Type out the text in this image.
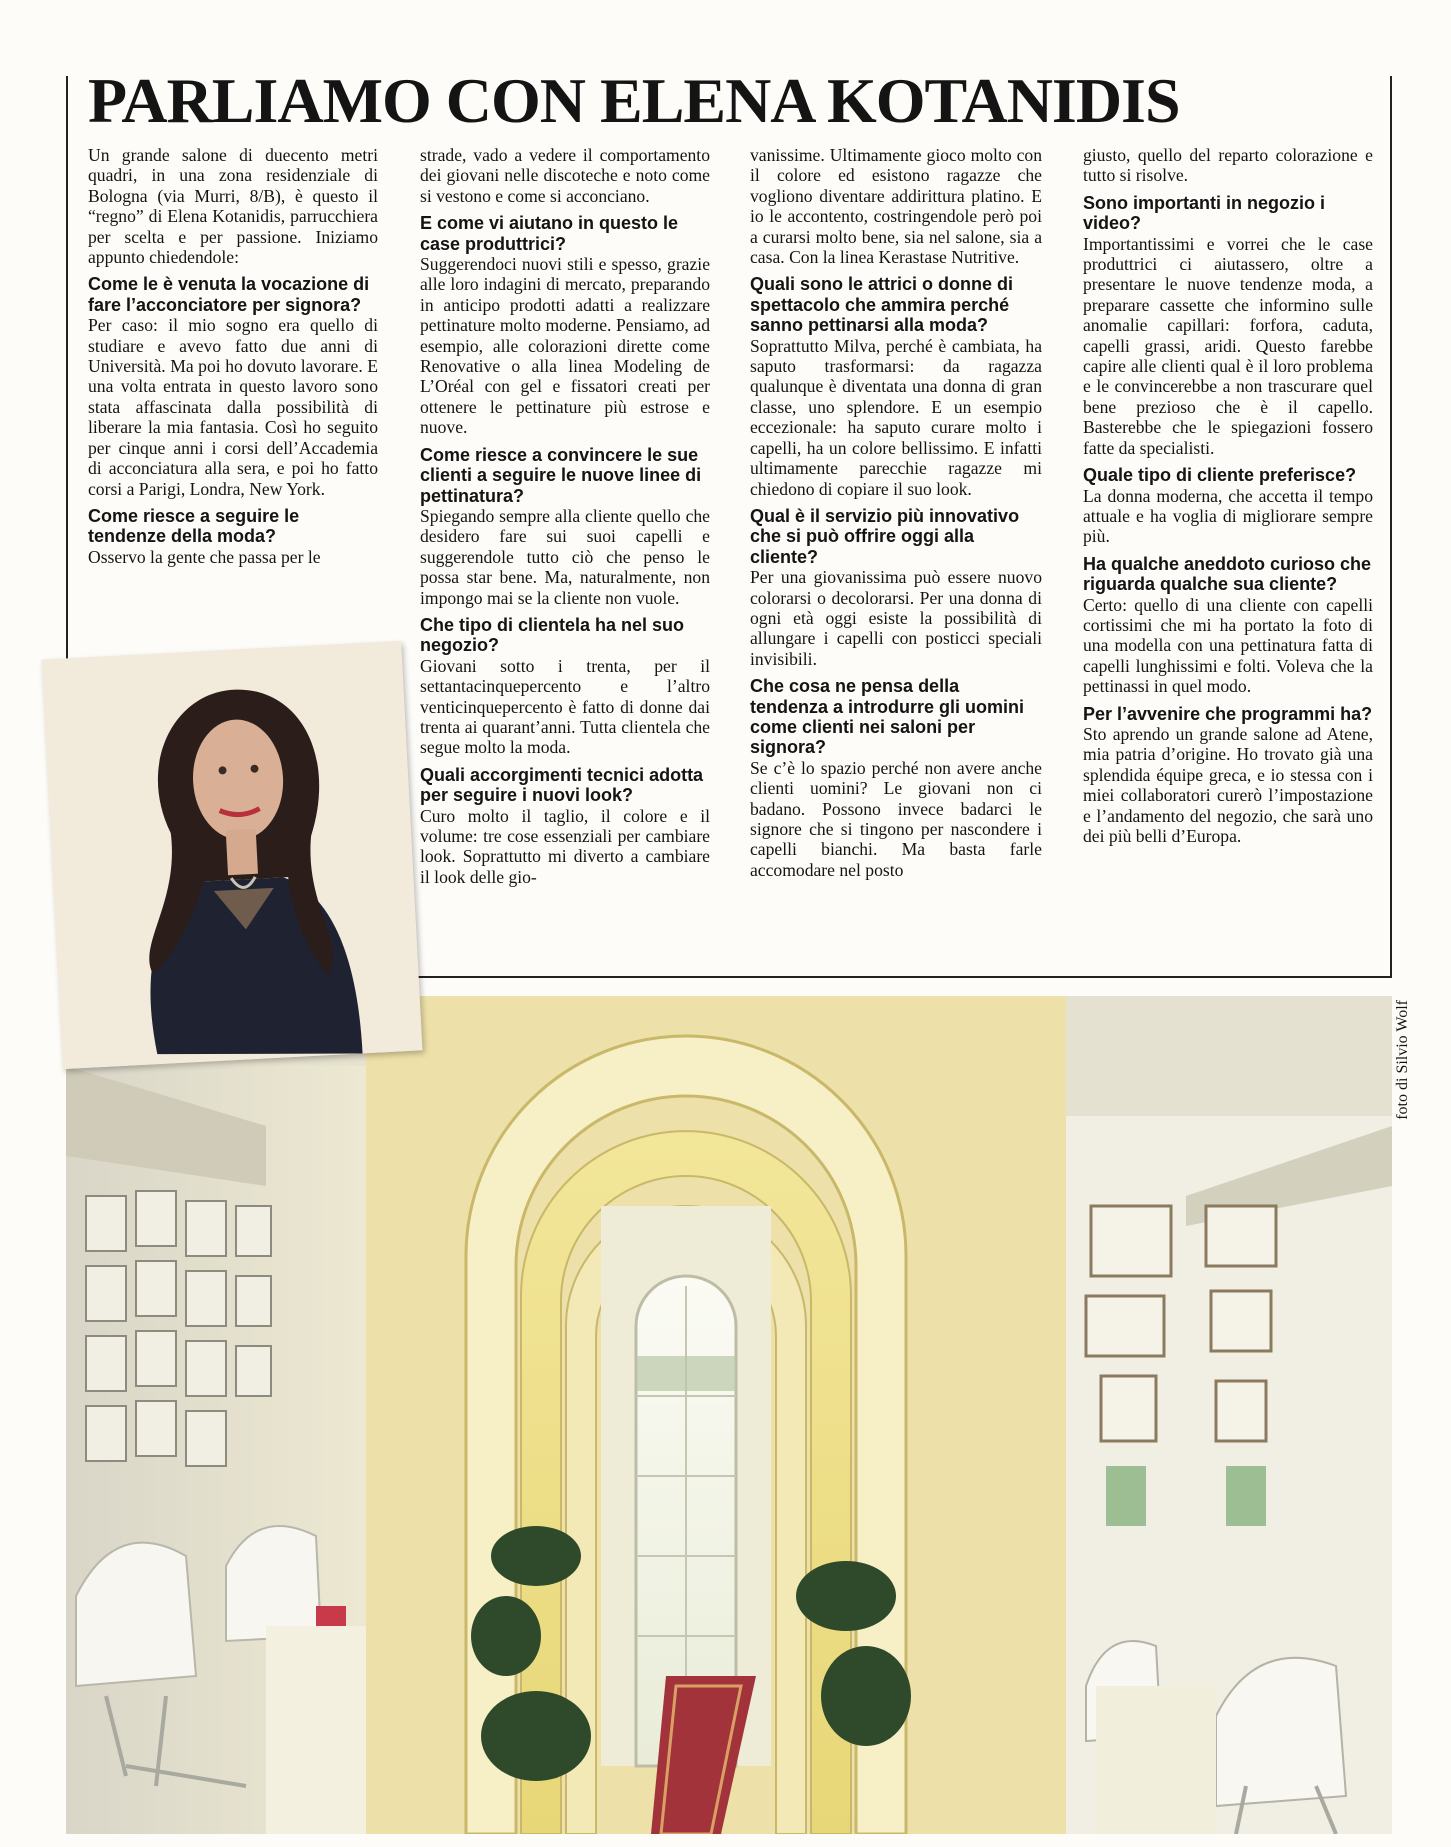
PARLIAMO CON ELENA KOTANIDIS

Un grande salone di duecento metri quadri, in una zona residenziale di Bologna (via Murri, 8/B), è questo il “regno” di Elena Kotanidis, parrucchiera per scelta e per passione. Iniziamo appunto chiedendole:

Come le è venuta la vocazione di fare l’acconciatore per signora?

Per caso: il mio sogno era quello di studiare e avevo fatto due anni di Università. Ma poi ho dovuto lavorare. E una volta entrata in questo lavoro sono stata affascinata dalla possibilità di liberare la mia fantasia. Così ho seguito per cinque anni i corsi dell’Accademia di acconciatura alla sera, e poi ho fatto corsi a Parigi, Londra, New York.

Come riesce a seguire le tendenze della moda?

Osservo la gente che passa per le

strade, vado a vedere il comportamento dei giovani nelle discoteche e noto come si vestono e come si acconciano.

E come vi aiutano in questo le case produttrici?

Suggerendoci nuovi stili e spesso, grazie alle loro indagini di mercato, preparando in anticipo prodotti adatti a realizzare pettinature molto moderne. Pensiamo, ad esempio, alle colorazioni dirette come Renovative o alla linea Modeling de L’Oréal con gel e fissatori creati per ottenere le pettinature più estrose e nuove.

Come riesce a convincere le sue clienti a seguire le nuove linee di pettinatura?

Spiegando sempre alla cliente quello che desidero fare sui suoi capelli e suggerendole tutto ciò che penso le possa star bene. Ma, naturalmente, non impongo mai se la cliente non vuole.

Che tipo di clientela ha nel suo negozio?

Giovani sotto i trenta, per il settantacinquepercento e l’altro venticinquepercento è fatto di donne dai trenta ai quarant’anni. Tutta clientela che segue molto la moda.

Quali accorgimenti tecnici adotta per seguire i nuovi look?

Curo molto il taglio, il colore e il volume: tre cose essenziali per cambiare look. Soprattutto mi diverto a cambiare il look delle gio-

vanissime. Ultimamente gioco molto con il colore ed esistono ragazze che vogliono diventare addirittura platino. E io le accontento, costringendole però poi a curarsi molto bene, sia nel salone, sia a casa. Con la linea Kerastase Nutritive.

Quali sono le attrici o donne di spettacolo che ammira perché sanno pettinarsi alla moda?

Soprattutto Milva, perché è cambiata, ha saputo trasformarsi: da ragazza qualunque è diventata una donna di gran classe, uno splendore. E un esempio eccezionale: ha saputo curare molto i capelli, ha un colore bellissimo. E infatti ultimamente parecchie ragazze mi chiedono di copiare il suo look.

Qual è il servizio più innovativo che si può offrire oggi alla cliente?

Per una giovanissima può essere nuovo colorarsi o decolorarsi. Per una donna di ogni età oggi esiste la possibilità di allungare i capelli con posticci speciali invisibili.

Che cosa ne pensa della tendenza a introdurre gli uomini come clienti nei saloni per signora?

Se c’è lo spazio perché non avere anche clienti uomini? Le giovani non ci badano. Possono invece badarci le signore che si tingono per nascondere i capelli bianchi. Ma basta farle accomodare nel posto

giusto, quello del reparto colorazione e tutto si risolve.

Sono importanti in negozio i video?

Importantissimi e vorrei che le case produttrici ci aiutassero, oltre a presentare le nuove tendenze moda, a preparare cassette che informino sulle anomalie capillari: forfora, caduta, capelli grassi, aridi. Questo farebbe capire alle clienti qual è il loro problema e le convincerebbe a non trascurare quel bene prezioso che è il capello. Basterebbe che le spiegazioni fossero fatte da specialisti.

Quale tipo di cliente preferisce?

La donna moderna, che accetta il tempo attuale e ha voglia di migliorare sempre più.

Ha qualche aneddoto curioso che riguarda qualche sua cliente?

Certo: quello di una cliente con capelli cortissimi che mi ha portato la foto di una modella con una pettinatura fatta di capelli lunghissimi e folti. Voleva che la pettinassi in quel modo.

Per l’avvenire che programmi ha?

Sto aprendo un grande salone ad Atene, mia patria d’origine. Ho trovato già una splendida équipe greca, e io stessa con i miei collaboratori curerò l’impostazione e l’andamento del negozio, che sarà uno dei più belli d’Europa.

foto di Silvio Wolf
